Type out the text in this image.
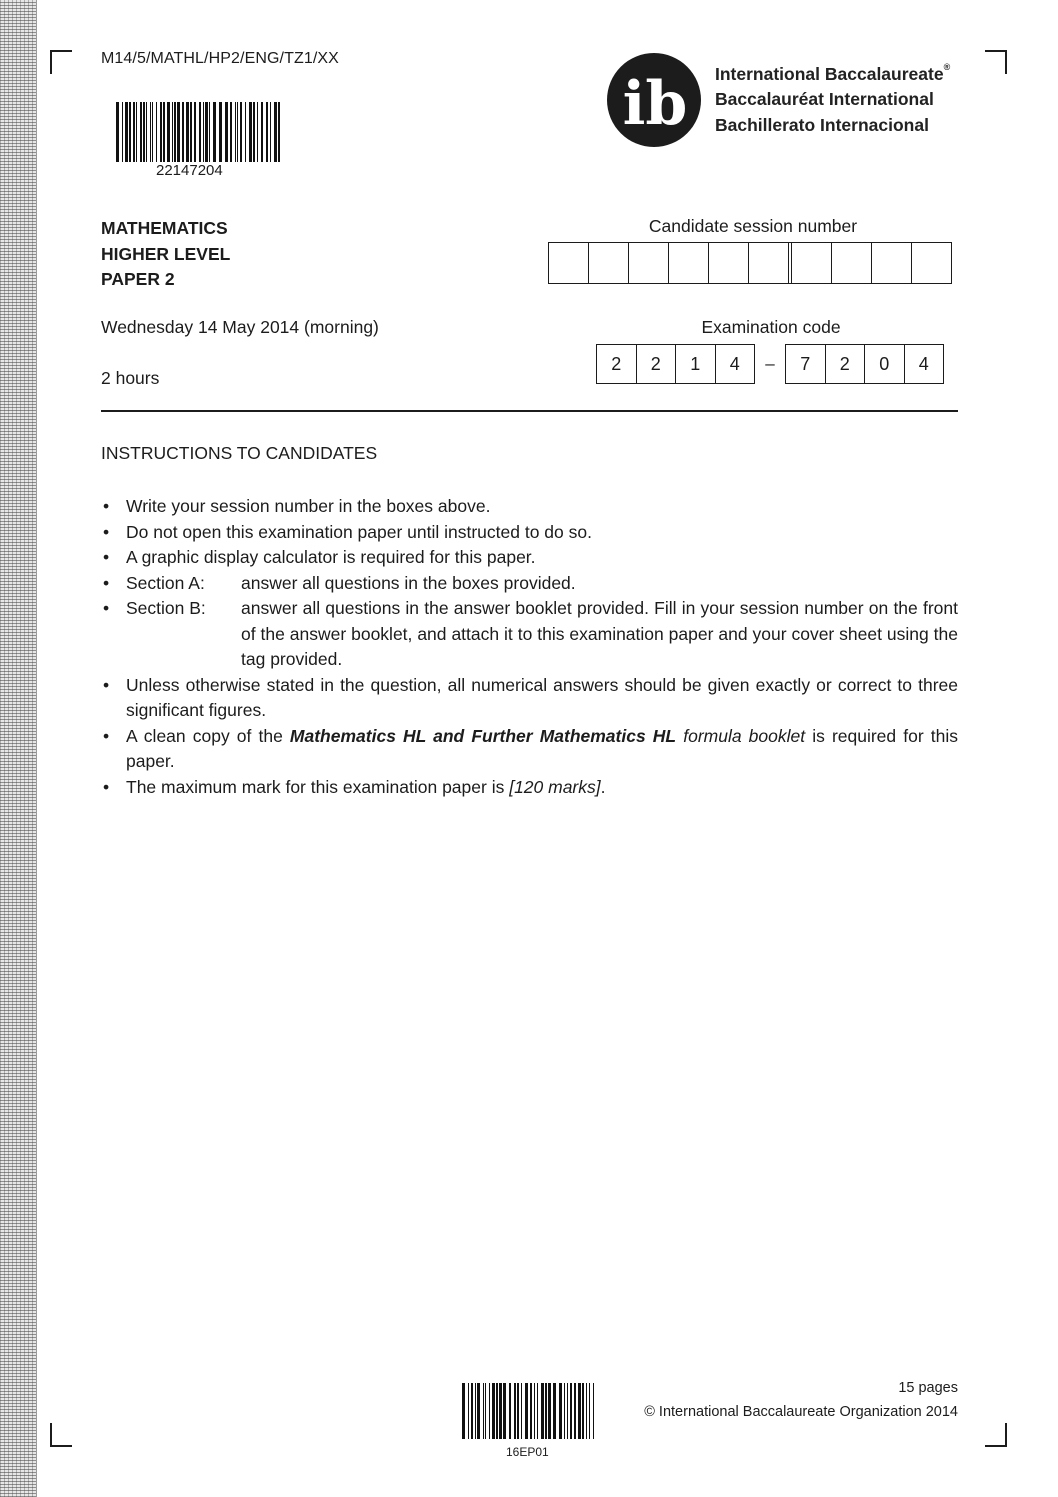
M14/5/MATHL/HP2/ENG/TZ1/XX
22147204
ib International Baccalaureate®
Baccalauréat International
Bachillerato Internacional
MATHEMATICS
HIGHER LEVEL
PAPER 2
Candidate session number
Wednesday 14 May 2014 (morning)
2 hours
Examination code
2	2	1	4	–	7	2	0	4
INSTRUCTIONS TO CANDIDATES
• Write your session number in the boxes above.
• Do not open this examination paper until instructed to do so.
• A graphic display calculator is required for this paper.
• Section A:	answer all questions in the boxes provided.
• Section B:	answer all questions in the answer booklet provided. Fill in your session number on the front of the answer booklet, and attach it to this examination paper and your cover sheet using the tag provided.
• Unless otherwise stated in the question, all numerical answers should be given exactly or correct to three significant figures.
• A clean copy of the Mathematics HL and Further Mathematics HL formula booklet is required for this paper.
• The maximum mark for this examination paper is [120 marks].
16EP01
15 pages
© International Baccalaureate Organization 2014
